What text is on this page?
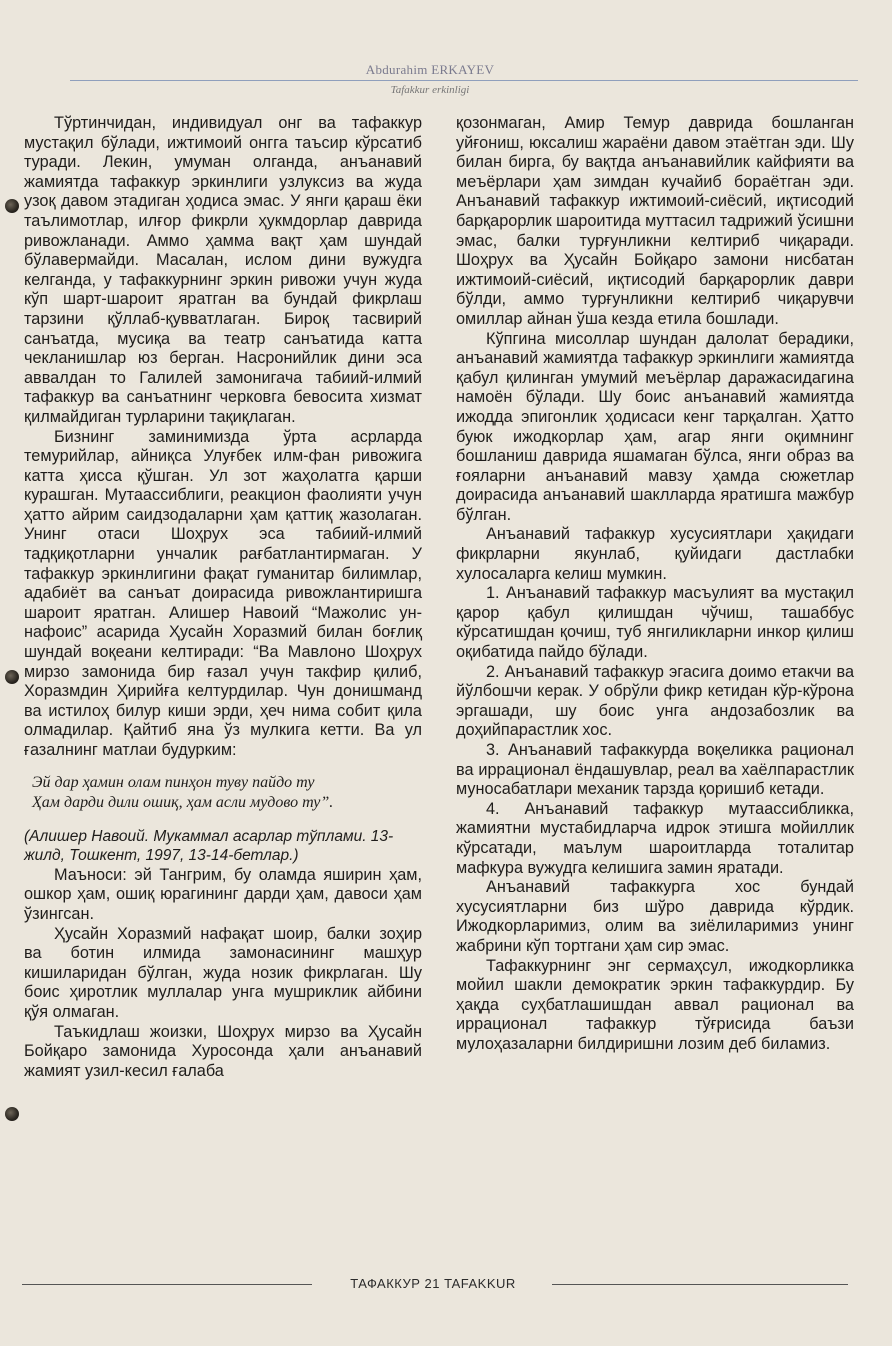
Abdurahim ERKAYEV
Tafakkur erkinligi

Тўртинчидан, индивидуал онг ва тафаккур мустақил бўлади, ижтимоий онгга таъсир кўрсатиб туради. Лекин, умуман олганда, анъанавий жамиятда тафаккур эркинлиги узлуксиз ва жуда узоқ давом этадиган ҳодиса эмас. У янги қараш ёки таълимотлар, илғор фикрли ҳукмдорлар даврида ривожланади. Аммо ҳамма вақт ҳам шундай бўлавермайди. Масалан, ислом дини вужудга келганда, у тафаккурнинг эркин ривожи учун жуда кўп шарт-шароит яратган ва бундай фикрлаш тарзини қўллаб-қувватлаган. Бироқ тасвирий санъатда, мусиқа ва театр санъатида катта чекланишлар юз берган. Насронийлик дини эса аввалдан то Галилей замонигача табиий-илмий тафаккур ва санъатнинг черковга бевосита хизмат қилмайдиган турларини тақиқлаган.

Бизнинг заминимизда ўрта асрларда темурийлар, айниқса Улуғбек илм-фан ривожига катта ҳисса қўшган. Ул зот жаҳолатга қарши курашган. Мутаассиблиги, реакцион фаолияти учун ҳатто айрим саидзодаларни ҳам қаттиқ жазолаган. Унинг отаси Шоҳрух эса табиий-илмий тадқиқотларни унчалик рағбатлантирмаган. У тафаккур эркинлигини фақат гуманитар билимлар, адабиёт ва санъат доирасида ривожлантиришга шароит яратган. Алишер Навоий “Мажолис ун-нафоис” асарида Ҳусайн Хоразмий билан боғлиқ шундай воқеани келтиради: “Ва Мавлоно Шоҳрух мирзо замонида бир ғазал учун такфир қилиб, Хоразмдин Ҳирийға келтурдилар. Чун донишманд ва истилоҳ билур киши эрди, ҳеч нима собит қила олмадилар. Қайтиб яна ўз мулкига кетти. Ва ул ғазалнинг матлаи будурким:

Эй дар ҳамин олам пинҳон туву пайдо ту
Ҳам дарди дили ошиқ, ҳам асли мудово ту”.

(Алишер Навоий. Мукаммал асарлар тўплами. 13-жилд, Тошкент, 1997, 13-14-бетлар.)

Маъноси: эй Тангрим, бу оламда яширин ҳам, ошкор ҳам, ошиқ юрагининг дарди ҳам, давоси ҳам ўзингсан.

Ҳусайн Хоразмий нафақат шоир, балки зоҳир ва ботин илмида замонасининг машҳур кишиларидан бўлган, жуда нозик фикрлаган. Шу боис ҳиротлик муллалар унга мушриклик айбини қўя олмаган.

Таъкидлаш жоизки, Шоҳрух мирзо ва Ҳусайн Бойқаро замонида Хуросонда ҳали анъанавий жамият узил-кесил ғалаба

қозонмаган, Амир Темур даврида бошланган уйғониш, юксалиш жараёни давом этаётган эди. Шу билан бирга, бу вақтда анъанавийлик кайфияти ва меъёрлари ҳам зимдан кучайиб бораётган эди. Анъанавий тафаккур ижтимоий-сиёсий, иқтисодий барқарорлик шароитида муттасил тадрижий ўсишни эмас, балки турғунликни келтириб чиқаради. Шоҳрух ва Ҳусайн Бойқаро замони нисбатан ижтимоий-сиёсий, иқтисодий барқарорлик даври бўлди, аммо турғунликни келтириб чиқарувчи омиллар айнан ўша кезда етила бошлади.

Кўпгина мисоллар шундан далолат берадики, анъанавий жамиятда тафаккур эркинлиги жамиятда қабул қилинган умумий меъёрлар даражасидагина намоён бўлади. Шу боис анъанавий жамиятда ижодда эпигонлик ҳодисаси кенг тарқалган. Ҳатто буюк ижодкорлар ҳам, агар янги оқимнинг бошланиш даврида яшамаган бўлса, янги образ ва ғояларни анъанавий мавзу ҳамда сюжетлар доирасида анъанавий шаклларда яратишга мажбур бўлган.

Анъанавий тафаккур хусусиятлари ҳақидаги фикрларни якунлаб, қуйидаги дастлабки хулосаларга келиш мумкин.

1. Анъанавий тафаккур масъулият ва мустақил қарор қабул қилишдан чўчиш, ташаббус кўрсатишдан қочиш, туб янгиликларни инкор қилиш оқибатида пайдо бўлади.

2. Анъанавий тафаккур эгасига доимо етакчи ва йўлбошчи керак. У обрўли фикр кетидан кўр-кўрона эргашади, шу боис унга андозабозлик ва доҳийпарастлик хос.

3. Анъанавий тафаккурда воқеликка рационал ва иррационал ёндашувлар, реал ва хаёлпарастлик муносабатлари механик тарзда қоришиб кетади.

4. Анъанавий тафаккур мутаассибликка, жамиятни мустабидларча идрок этишга мойиллик кўрсатади, маълум шароитларда тоталитар мафкура вужудга келишига замин яратади.

Анъанавий тафаккурга хос бундай хусусиятларни биз шўро даврида кўрдик. Ижодкорларимиз, олим ва зиёлиларимиз унинг жабрини кўп тортгани ҳам сир эмас.

Тафаккурнинг энг сермаҳсул, ижодкорликка мойил шакли демократик эркин тафаккурдир. Бу ҳақда суҳбатлашишдан аввал рационал ва иррационал тафаккур тўғрисида баъзи мулоҳазаларни билдиришни лозим деб биламиз.

ТАФАККУР 21 TAFAKKUR
